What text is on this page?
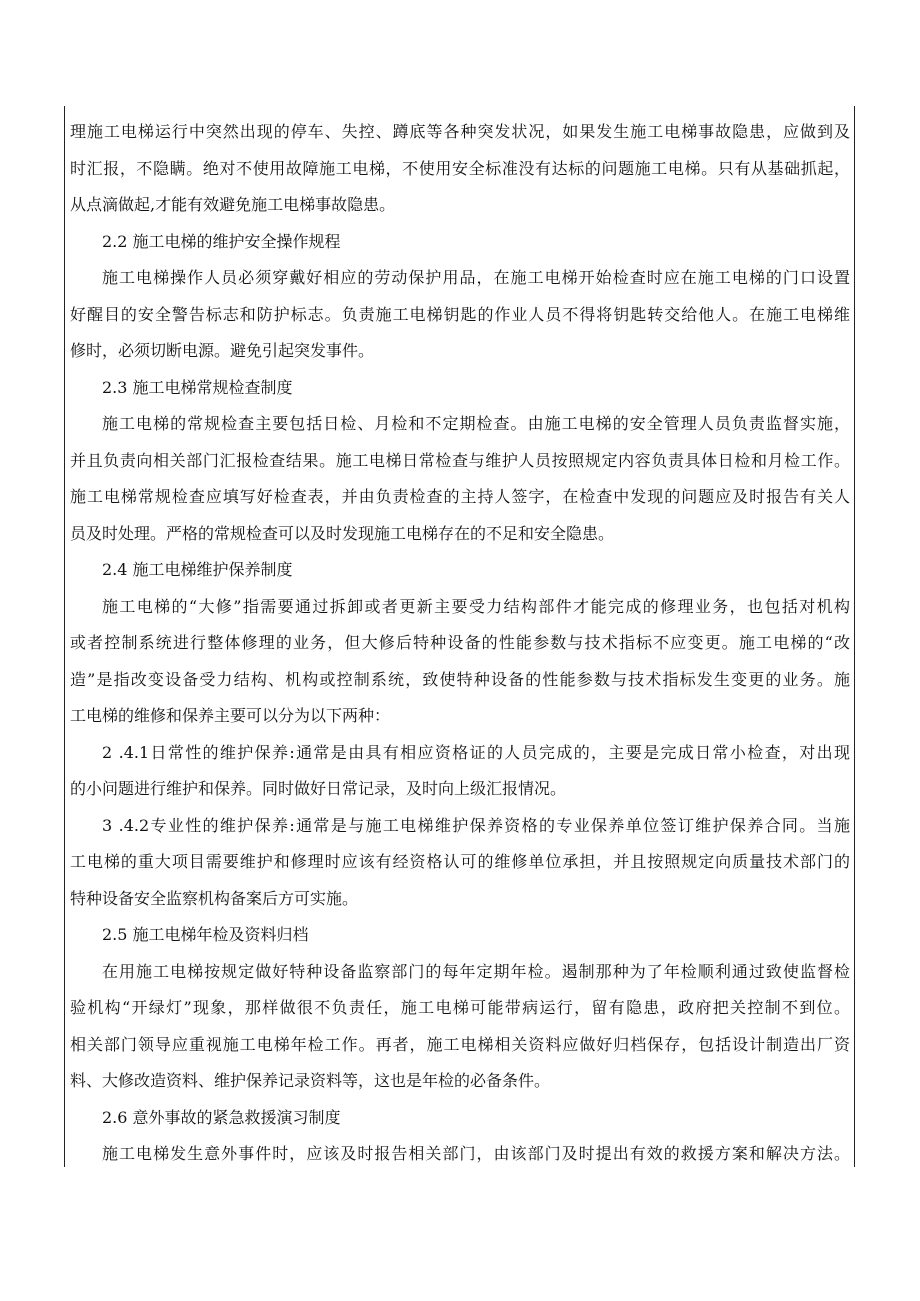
理施工电梯运行中突然出现的停车、失控、蹲底等各种突发状况，如果发生施工电梯事故隐患，应做到及
时汇报，不隐瞒。绝对不使用故障施工电梯，不使用安全标准没有达标的问题施工电梯。只有从基础抓起，
从点滴做起,才能有效避免施工电梯事故隐患。
2.2 施工电梯的维护安全操作规程
施工电梯操作人员必须穿戴好相应的劳动保护用品，在施工电梯开始检查时应在施工电梯的门口设置
好醒目的安全警告标志和防护标志。负责施工电梯钥匙的作业人员不得将钥匙转交给他人。在施工电梯维
修时，必须切断电源。避免引起突发事件。
2.3 施工电梯常规检查制度
施工电梯的常规检查主要包括日检、月检和不定期检查。由施工电梯的安全管理人员负责监督实施，
并且负责向相关部门汇报检查结果。施工电梯日常检查与维护人员按照规定内容负责具体日检和月检工作。
施工电梯常规检查应填写好检查表，并由负责检查的主持人签字，在检查中发现的问题应及时报告有关人
员及时处理。严格的常规检查可以及时发现施工电梯存在的不足和安全隐患。
2.4 施工电梯维护保养制度
施工电梯的“大修”指需要通过拆卸或者更新主要受力结构部件才能完成的修理业务，也包括对机构
或者控制系统进行整体修理的业务，但大修后特种设备的性能参数与技术指标不应变更。施工电梯的“改
造”是指改变设备受力结构、机构或控制系统，致使特种设备的性能参数与技术指标发生变更的业务。施
工电梯的维修和保养主要可以分为以下两种：
2 .4.1日常性的维护保养:通常是由具有相应资格证的人员完成的，主要是完成日常小检查，对出现
的小问题进行维护和保养。同时做好日常记录，及时向上级汇报情况。
3 .4.2专业性的维护保养:通常是与施工电梯维护保养资格的专业保养单位签订维护保养合同。当施
工电梯的重大项目需要维护和修理时应该有经资格认可的维修单位承担，并且按照规定向质量技术部门的
特种设备安全监察机构备案后方可实施。
2.5 施工电梯年检及资料归档
在用施工电梯按规定做好特种设备监察部门的每年定期年检。遏制那种为了年检顺利通过致使监督检
验机构“开绿灯”现象，那样做很不负责任，施工电梯可能带病运行，留有隐患，政府把关控制不到位。
相关部门领导应重视施工电梯年检工作。再者，施工电梯相关资料应做好归档保存，包括设计制造出厂资
料、大修改造资料、维护保养记录资料等，这也是年检的必备条件。
2.6 意外事故的紧急救援演习制度
施工电梯发生意外事件时，应该及时报告相关部门，由该部门及时提出有效的救援方案和解决方法。
